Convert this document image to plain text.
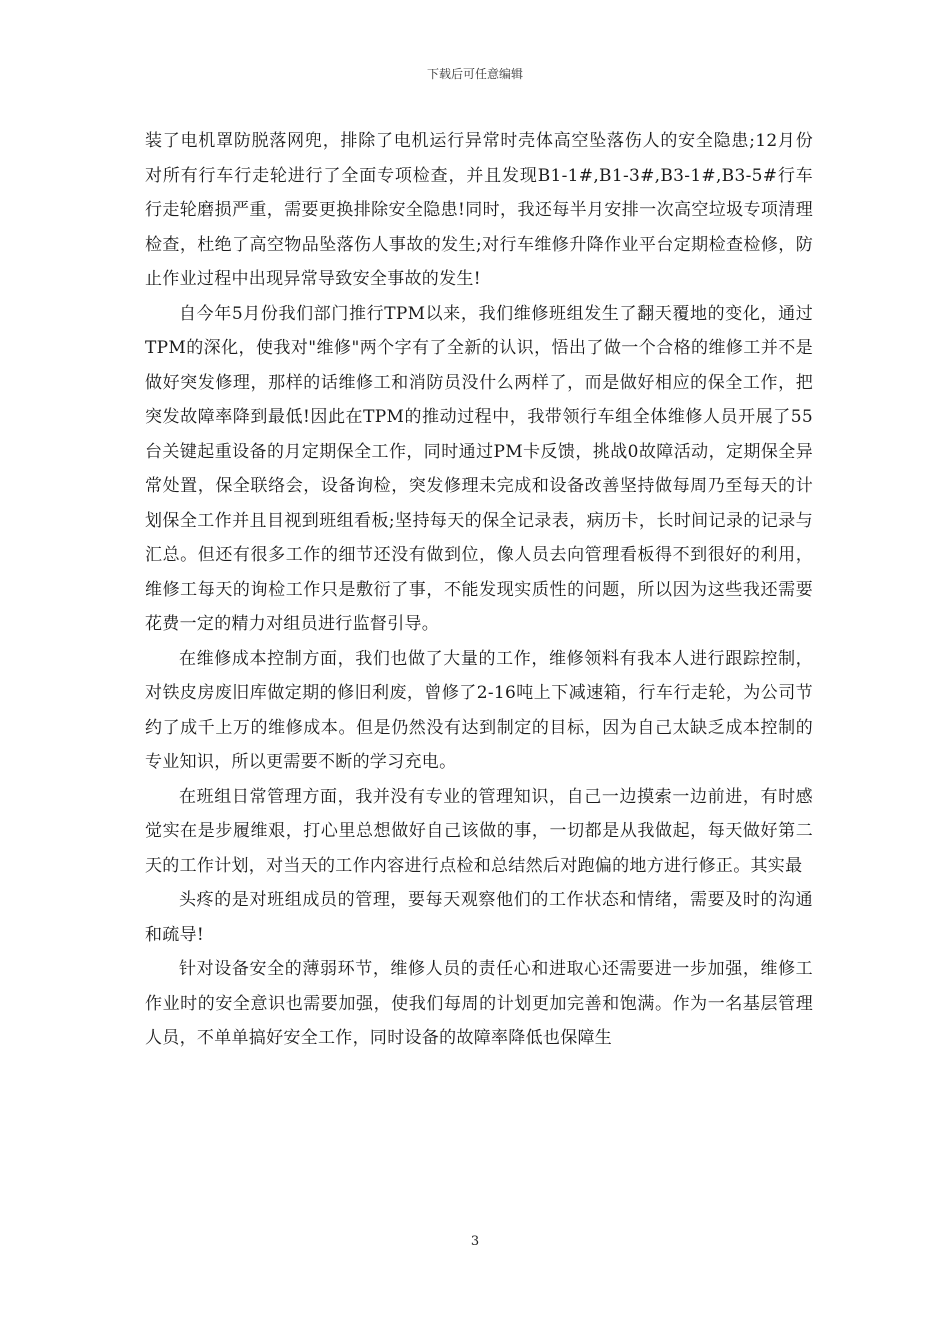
下载后可任意编辑

装了电机罩防脱落网兜，排除了电机运行异常时壳体高空坠落伤人的安全隐患;12月份对所有行车行走轮进行了全面专项检查，并且发现B1-1#,B1-3#,B3-1#,B3-5#行车行走轮磨损严重，需要更换排除安全隐患!同时，我还每半月安排一次高空垃圾专项清理检查，杜绝了高空物品坠落伤人事故的发生;对行车维修升降作业平台定期检查检修，防止作业过程中出现异常导致安全事故的发生!

自今年5月份我们部门推行TPM以来，我们维修班组发生了翻天覆地的变化，通过TPM的深化，使我对"维修"两个字有了全新的认识，悟出了做一个合格的维修工并不是做好突发修理，那样的话维修工和消防员没什么两样了，而是做好相应的保全工作，把突发故障率降到最低!因此在TPM的推动过程中，我带领行车组全体维修人员开展了55台关键起重设备的月定期保全工作，同时通过PM卡反馈，挑战0故障活动，定期保全异常处置，保全联络会，设备询检，突发修理未完成和设备改善坚持做每周乃至每天的计划保全工作并且目视到班组看板;坚持每天的保全记录表，病历卡，长时间记录的记录与汇总。但还有很多工作的细节还没有做到位，像人员去向管理看板得不到很好的利用，维修工每天的询检工作只是敷衍了事，不能发现实质性的问题，所以因为这些我还需要花费一定的精力对组员进行监督引导。

在维修成本控制方面，我们也做了大量的工作，维修领料有我本人进行跟踪控制，对铁皮房废旧库做定期的修旧利废，曾修了2-16吨上下减速箱，行车行走轮，为公司节约了成千上万的维修成本。但是仍然没有达到制定的目标，因为自己太缺乏成本控制的专业知识，所以更需要不断的学习充电。

在班组日常管理方面，我并没有专业的管理知识，自己一边摸索一边前进，有时感觉实在是步履维艰，打心里总想做好自己该做的事，一切都是从我做起，每天做好第二天的工作计划，对当天的工作内容进行点检和总结然后对跑偏的地方进行修正。其实最

头疼的是对班组成员的管理，要每天观察他们的工作状态和情绪，需要及时的沟通和疏导!

针对设备安全的薄弱环节，维修人员的责任心和进取心还需要进一步加强，维修工作业时的安全意识也需要加强，使我们每周的计划更加完善和饱满。作为一名基层管理人员，不单单搞好安全工作，同时设备的故障率降低也保障生

3
